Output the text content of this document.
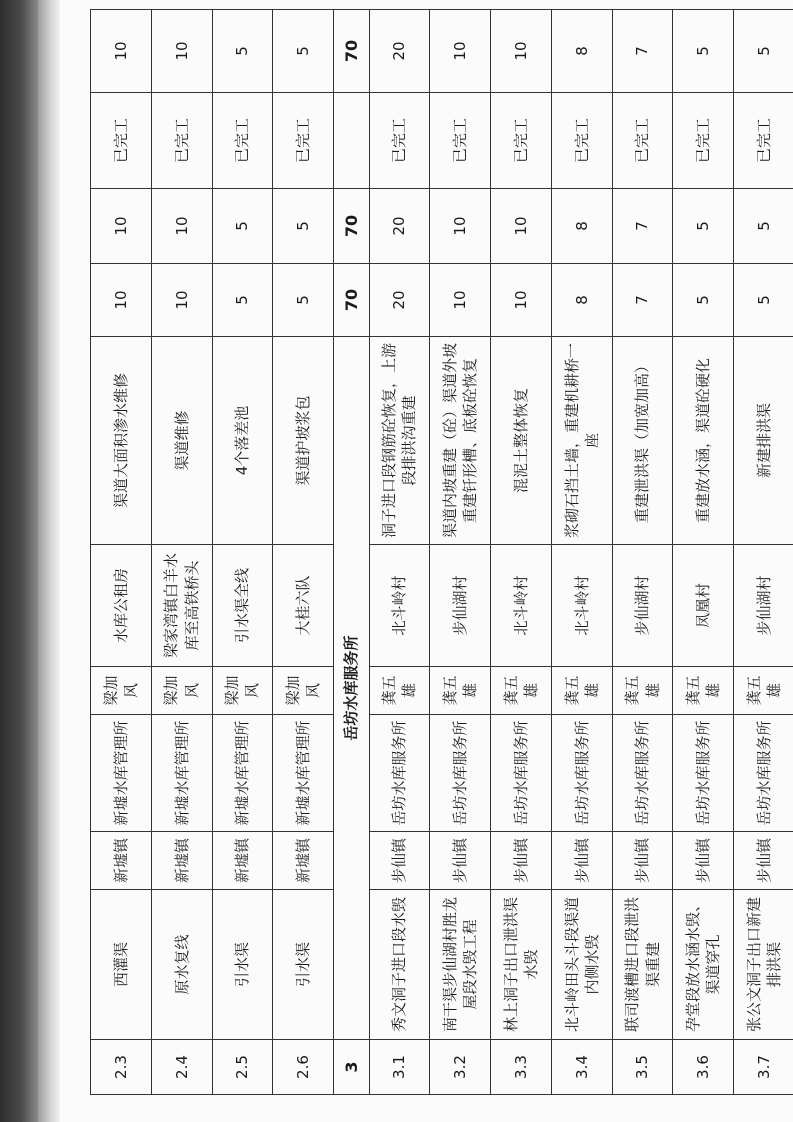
2.3	西灌渠	新墟镇	新墟水库管理所	梁加风	水库公租房	渠道大面积渗水维修	10	10	已完工	10
2.4	原水复线	新墟镇	新墟水库管理所	梁加风	梁家湾镇白羊水库至高铁桥头	渠道维修	10	10	已完工	10
2.5	引水渠	新墟镇	新墟水库管理所	梁加风	引水渠全线	4个落差池	5	5	已完工	5
2.6	引水渠	新墟镇	新墟水库管理所	梁加风	大桂六队	渠道护坡浆包	5	5	已完工	5
3	岳坊水库服务所						70	70		70
3.1	秀文洞子进口段水毁	步仙镇	岳坊水库服务所	龚五雄	北斗岭村	洞子进口段钢筋砼恢复，上游段排洪沟重建	20	20	已完工	20
3.2	南干渠步仙湖村胜龙屋段水毁工程	步仙镇	岳坊水库服务所	龚五雄	步仙湖村	渠道内坡重建（砼）渠道外坡重建钎形槽、底板砼恢复	10	10	已完工	10
3.3	林上洞子出口泄洪渠水毁	步仙镇	岳坊水库服务所	龚五雄	北斗岭村	混泥土整体恢复	10	10	已完工	10
3.4	北斗岭田头斗段渠道内侧水毁	步仙镇	岳坊水库服务所	龚五雄	北斗岭村	浆砌石挡土墙，重建机耕桥一座	8	8	已完工	8
3.5	联司渡槽进口段泄洪渠重建	步仙镇	岳坊水库服务所	龚五雄	步仙湖村	重建泄洪渠（加宽加高）	7	7	已完工	7
3.6	孕堂段放水涵水毁、渠道穿孔	步仙镇	岳坊水库服务所	龚五雄	凤凰村	重建放水涵，渠道砼硬化	5	5	已完工	5
3.7	张公文洞子出口新建排洪渠	步仙镇	岳坊水库服务所	龚五雄	步仙湖村	新建排洪渠	5	5	已完工	5
